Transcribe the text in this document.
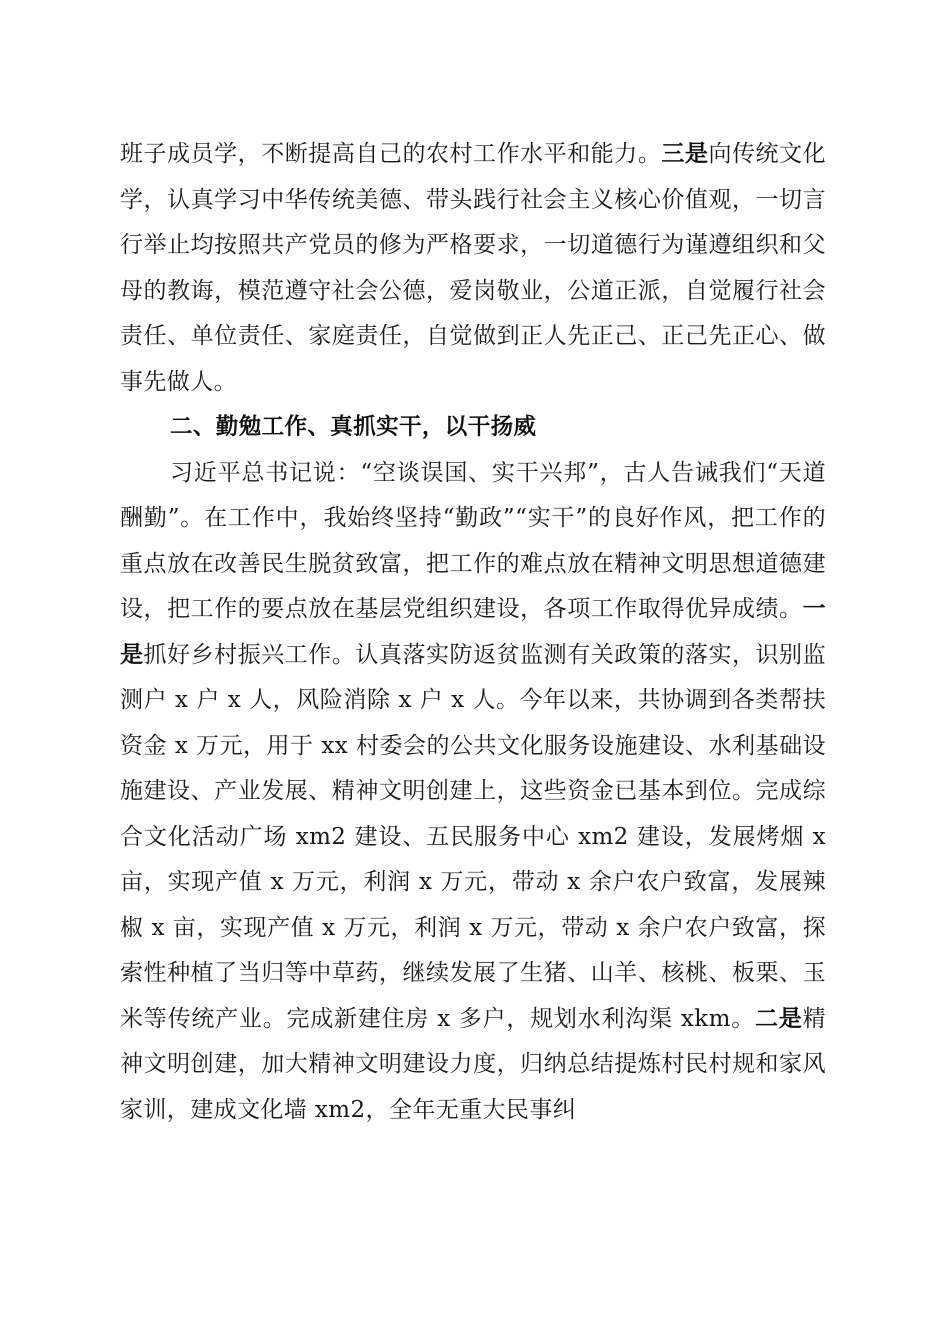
班子成员学，不断提高自己的农村工作水平和能力。三是向传统文化学，认真学习中华传统美德、带头践行社会主义核心价值观，一切言行举止均按照共产党员的修为严格要求，一切道德行为谨遵组织和父母的教诲，模范遵守社会公德，爱岗敬业，公道正派，自觉履行社会责任、单位责任、家庭责任，自觉做到正人先正己、正己先正心、做事先做人。

二、勤勉工作、真抓实干，以干扬威

习近平总书记说：“空谈误国、实干兴邦”，古人告诫我们“天道酬勤”。在工作中，我始终坚持“勤政”“实干”的良好作风，把工作的重点放在改善民生脱贫致富，把工作的难点放在精神文明思想道德建设，把工作的要点放在基层党组织建设，各项工作取得优异成绩。一是抓好乡村振兴工作。认真落实防返贫监测有关政策的落实，识别监测户 x 户 x 人，风险消除 x 户 x 人。今年以来，共协调到各类帮扶资金 x 万元，用于 xx 村委会的公共文化服务设施建设、水利基础设施建设、产业发展、精神文明创建上，这些资金已基本到位。完成综合文化活动广场 xm2 建设、五民服务中心 xm2 建设，发展烤烟 x 亩，实现产值 x 万元，利润 x 万元，带动 x 余户农户致富，发展辣椒 x 亩，实现产值 x 万元，利润 x 万元，带动 x 余户农户致富，探索性种植了当归等中草药，继续发展了生猪、山羊、核桃、板栗、玉米等传统产业。完成新建住房 x 多户，规划水利沟渠 xkm。二是精神文明创建，加大精神文明建设力度，归纳总结提炼村民村规和家风家训，建成文化墙 xm2，全年无重大民事纠
